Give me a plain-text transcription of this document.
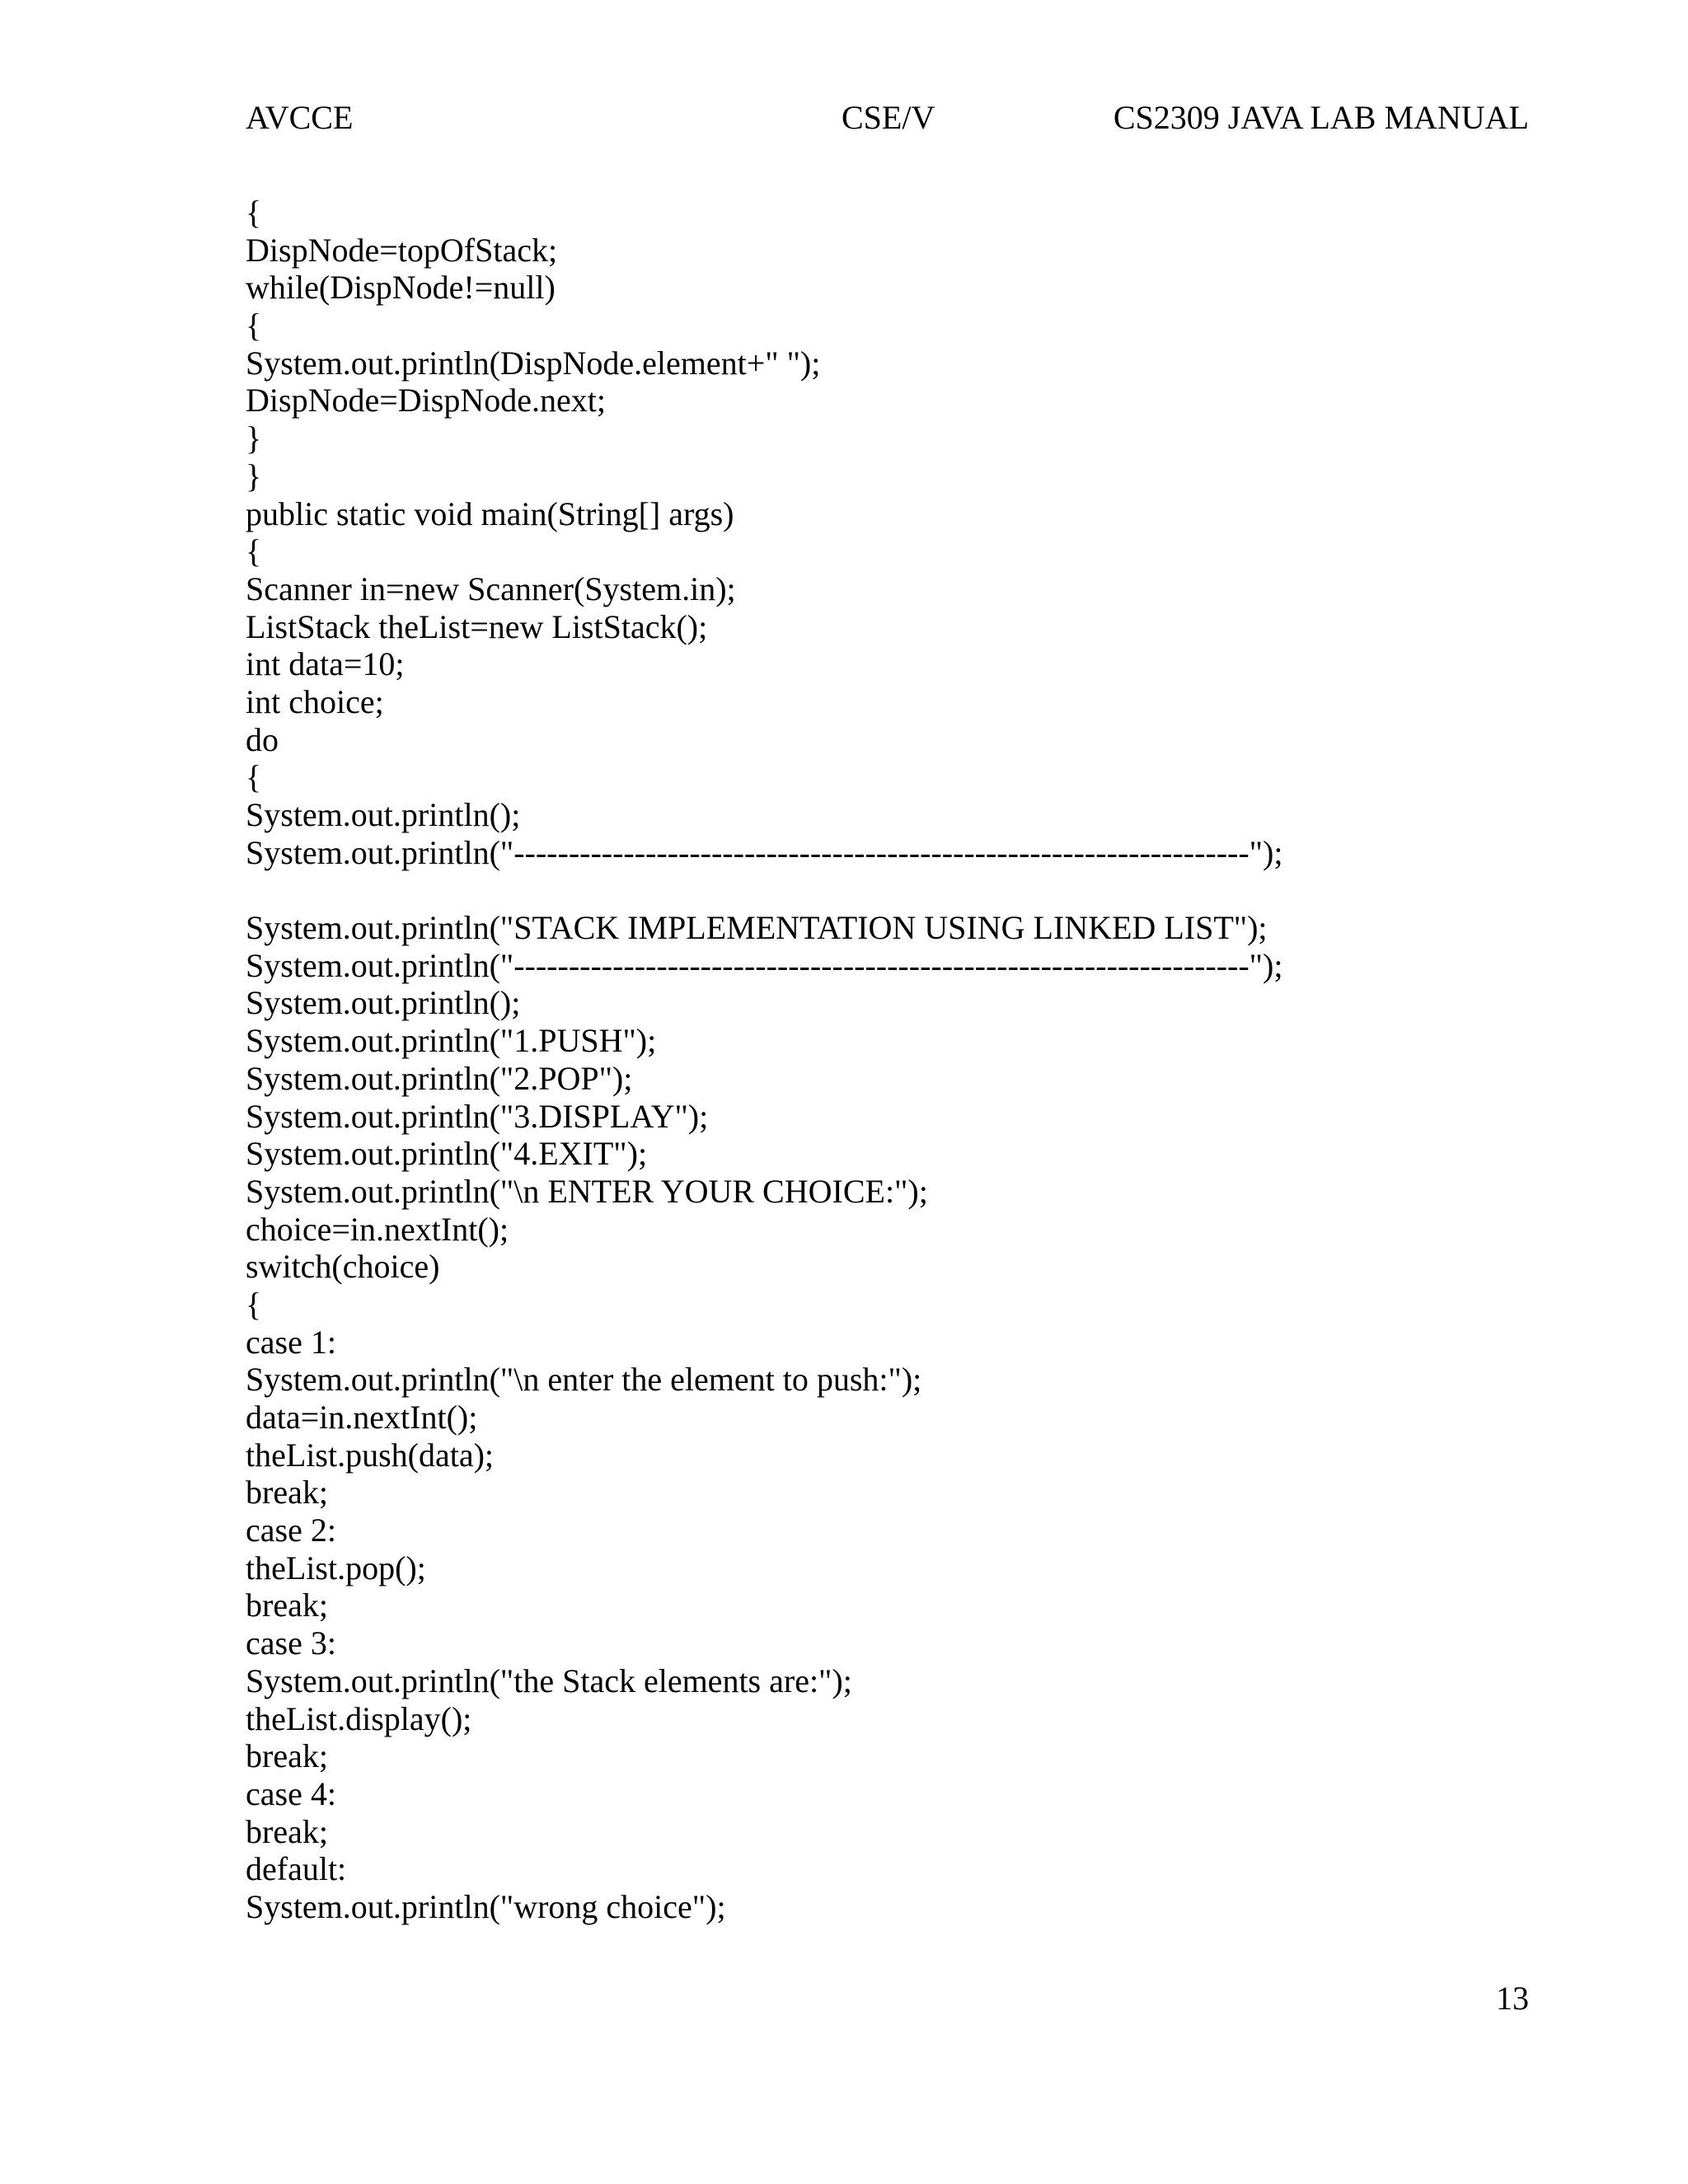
AVCCE	CSE/V	CS2309 JAVA LAB MANUAL
{
DispNode=topOfStack;
while(DispNode!=null)
{
System.out.println(DispNode.element+" ");
DispNode=DispNode.next;
}
}
public static void main(String[] args)
{
Scanner in=new Scanner(System.in);
ListStack theList=new ListStack();
int data=10;
int choice;
do
{
System.out.println();
System.out.println("-------------------------------------------------------------------");
System.out.println("STACK IMPLEMENTATION USING LINKED LIST");
System.out.println("-------------------------------------------------------------------");
System.out.println();
System.out.println("1.PUSH");
System.out.println("2.POP");
System.out.println("3.DISPLAY");
System.out.println("4.EXIT");
System.out.println("\n ENTER YOUR CHOICE:");
choice=in.nextInt();
switch(choice)
{
case 1:
System.out.println("\n enter the element to push:");
data=in.nextInt();
theList.push(data);
break;
case 2:
theList.pop();
break;
case 3:
System.out.println("the Stack elements are:");
theList.display();
break;
case 4:
break;
default:
System.out.println("wrong choice");
13
